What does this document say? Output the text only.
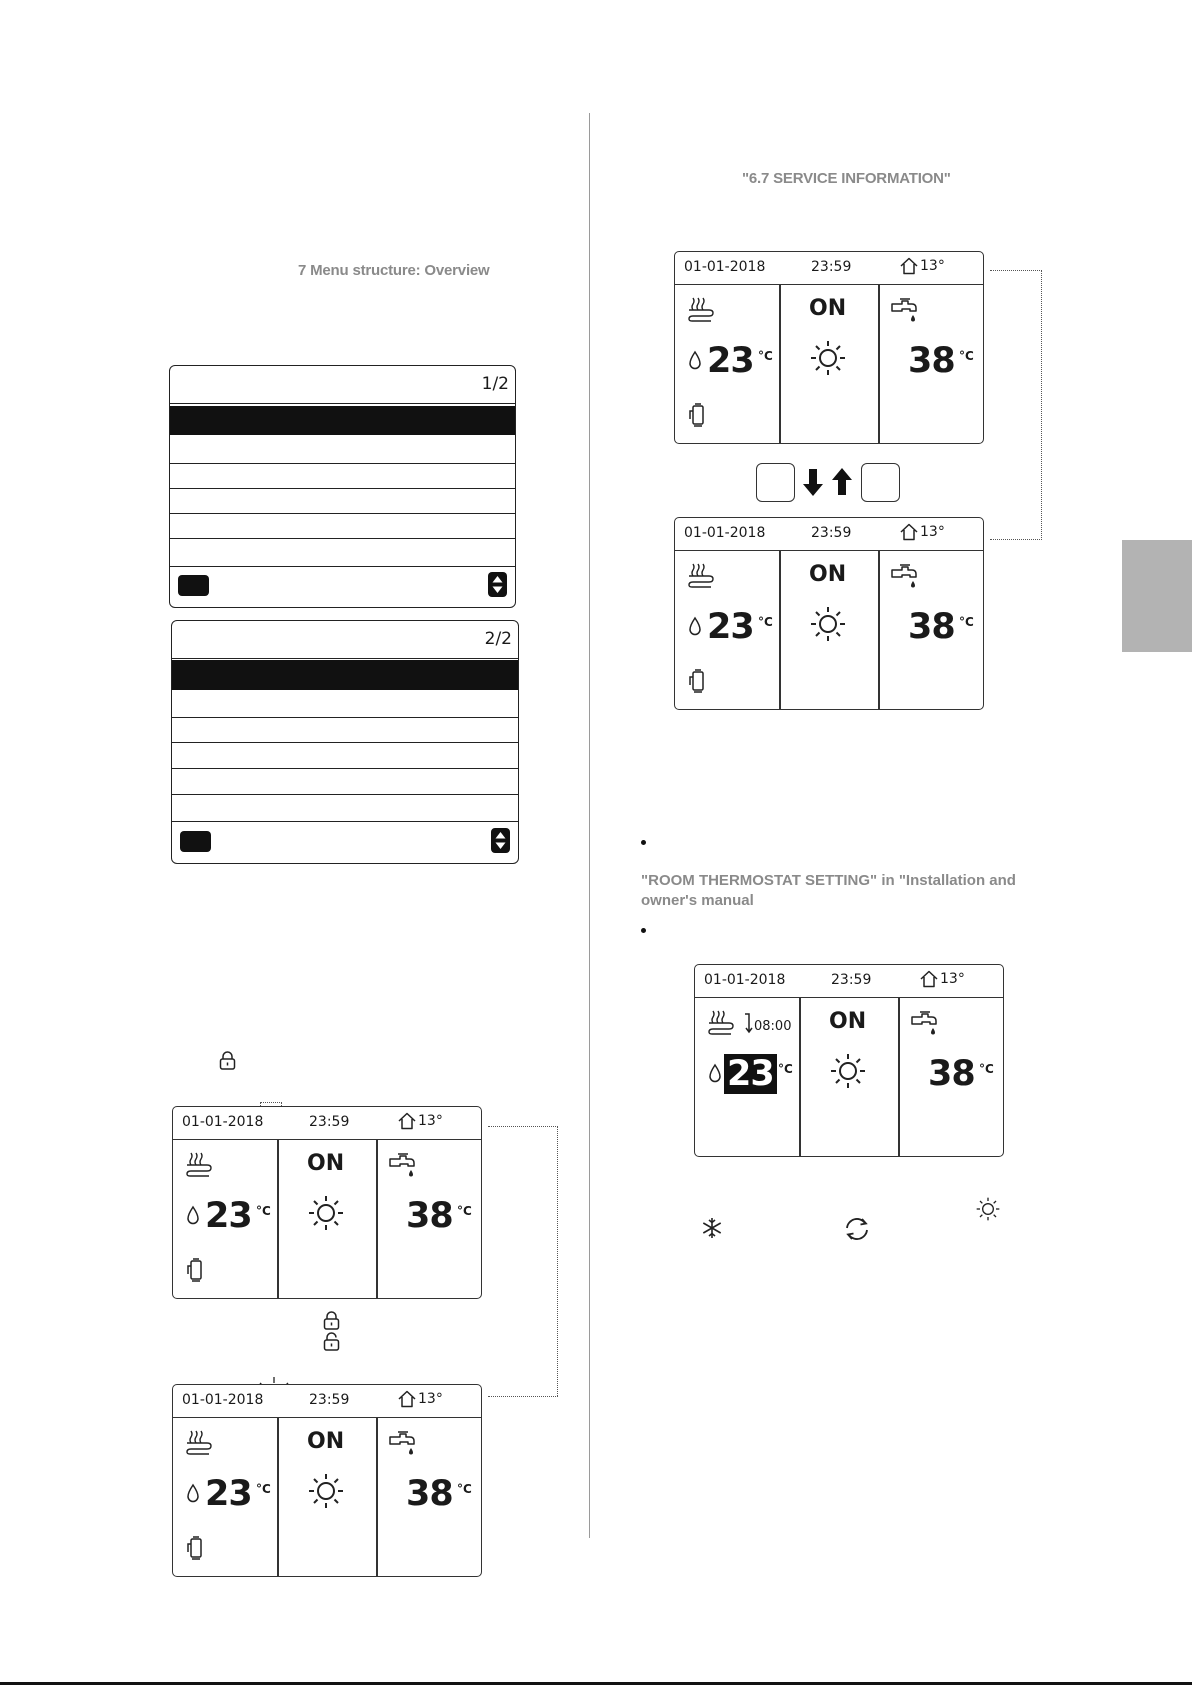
"6.7 SERVICE INFORMATION"
7 Menu structure: Overview
1/2
2/2
"ROOM THERMOSTAT SETTING" in "Installation and
owner's manual
01-01-2018	23:59	13°
23 °C
ON
38 °C
01-01-2018	23:59	13°
23 °C
ON
38 °C
01-01-2018	23:59	13°
23 °C
ON
38 °C
01-01-2018	23:59	13°
23 °C
ON
38 °C
01-01-2018	23:59	13°
23 °C
ON
38 °C
08:00
